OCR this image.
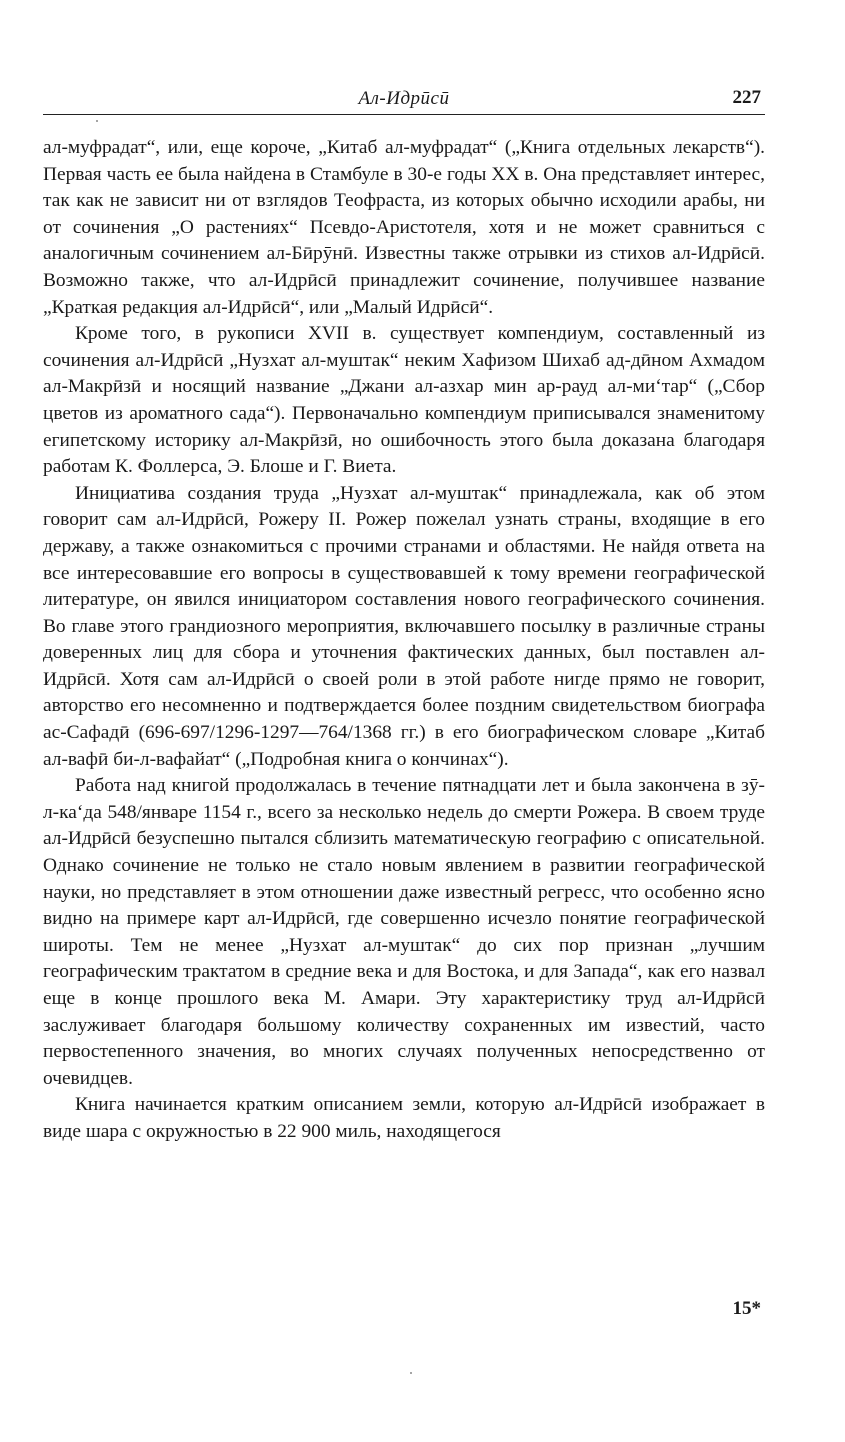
Ал-Идрӣсӣ	227

ал-муфрадат“, или, еще короче, „Китаб ал-муфрадат“ („Книга отдельных лекарств“). Первая часть ее была найдена в Стамбуле в 30-е годы XX в. Она представляет интерес, так как не зависит ни от взглядов Теофраста, из которых обычно исходили арабы, ни от сочинения „О растениях“ Псевдо-Аристотеля, хотя и не может сравниться с аналогичным сочинением ал-Бӣрӯнӣ. Известны также отрывки из стихов ал-Идрӣсӣ. Возможно также, что ал-Идрӣсӣ принадлежит сочинение, получившее название „Краткая редакция ал-Идрӣсӣ“, или „Малый Идрӣсӣ“.

Кроме того, в рукописи XVII в. существует компендиум, составленный из сочинения ал-Идрӣсӣ „Нузхат ал-муштак“ неким Хафизом Шихаб ад-дӣном Ахмадом ал-Макрӣзӣ и носящий название „Джани ал-азхар мин ар-рауд ал-ми‘тар“ („Сбор цветов из ароматного сада“). Первоначально компендиум приписывался знаменитому египетскому историку ал-Макрӣзӣ, но ошибочность этого была доказана благодаря работам К. Фоллерса, Э. Блоше и Г. Виета.

Инициатива создания труда „Нузхат ал-муштак“ принадлежала, как об этом говорит сам ал-Идрӣсӣ, Рожеру II. Рожер пожелал узнать страны, входящие в его державу, а также ознакомиться с прочими странами и областями. Не найдя ответа на все интересовавшие его вопросы в существовавшей к тому времени географической литературе, он явился инициатором составления нового географического сочинения. Во главе этого грандиозного мероприятия, включавшего посылку в различные страны доверенных лиц для сбора и уточнения фактических данных, был поставлен ал-Идрӣсӣ. Хотя сам ал-Идрӣсӣ о своей роли в этой работе нигде прямо не говорит, авторство его несомненно и подтверждается более поздним свидетельством биографа ас-Сафадӣ (696-697/1296-1297—764/1368 гг.) в его биографическом словаре „Китаб ал-вафӣ би-л-вафайат“ („Подробная книга о кончинах“).

Работа над книгой продолжалась в течение пятнадцати лет и была закончена в зӯ-л-ка‘да 548/январе 1154 г., всего за несколько недель до смерти Рожера. В своем труде ал-Идрӣсӣ безуспешно пытался сблизить математическую географию с описательной. Однако сочинение не только не стало новым явлением в развитии географической науки, но представляет в этом отношении даже известный регресс, что особенно ясно видно на примере карт ал-Идрӣсӣ, где совершенно исчезло понятие географической широты. Тем не менее „Нузхат ал-муштак“ до сих пор признан „лучшим географическим трактатом в средние века и для Востока, и для Запада“, как его назвал еще в конце прошлого века М. Амари. Эту характеристику труд ал-Идрӣсӣ заслуживает благодаря большому количеству сохраненных им известий, часто первостепенного значения, во многих случаях полученных непосредственно от очевидцев.

Книга начинается кратким описанием земли, которую ал-Идрӣсӣ изображает в виде шара с окружностью в 22 900 миль, находящегося

15*
